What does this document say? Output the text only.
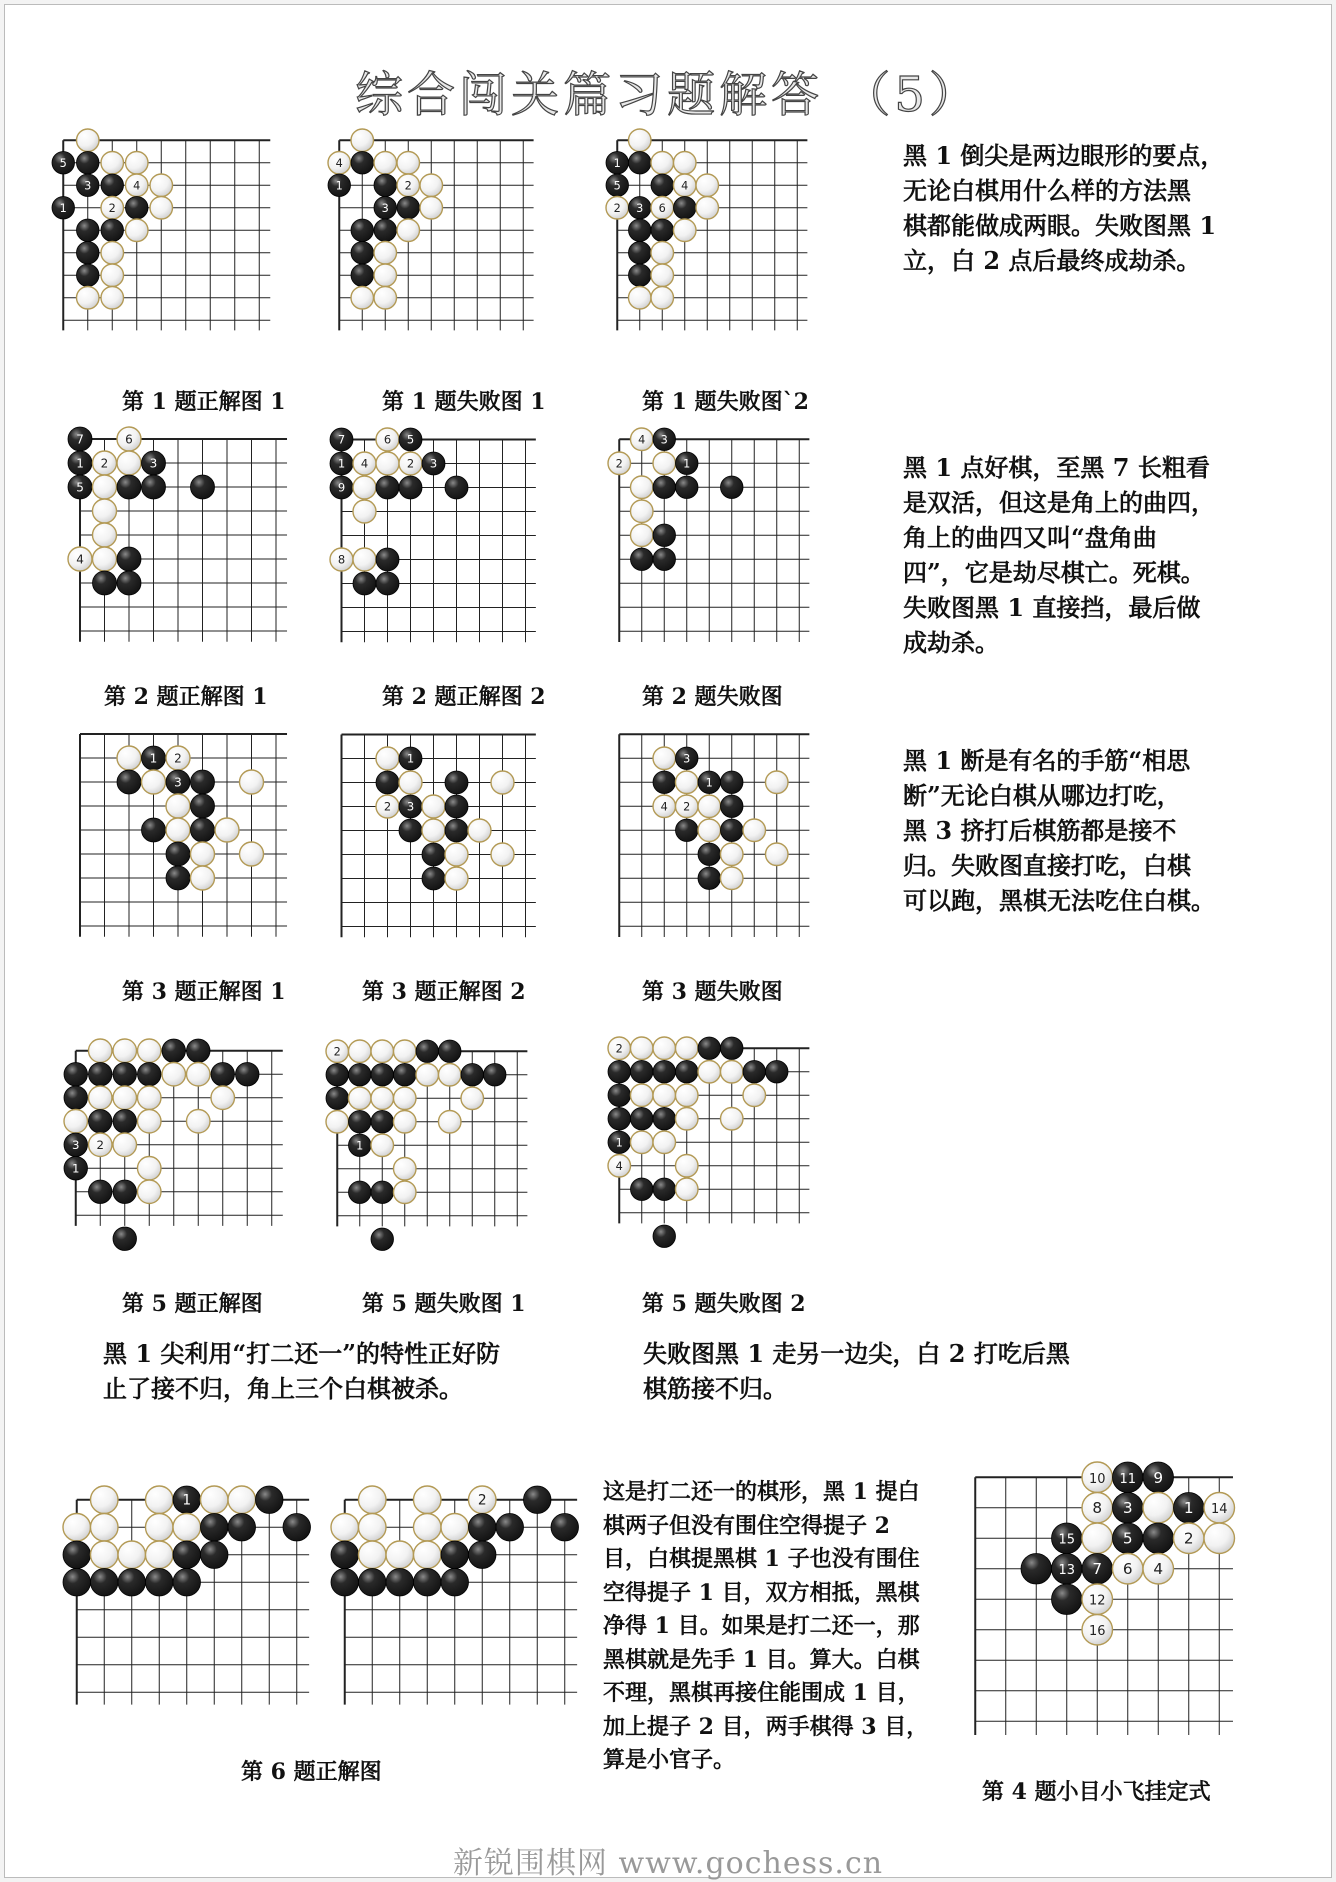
综合闯关篇习题解答 （5）
5
3	4
1	2
4
1	2
3
1
5	4
2 3 6
第 1 题正解图 1	第 1 题失败图 1	第 1 题失败图`2
黑 1 倒尖是两边眼形的要点，
无论白棋用什么样的方法黑
棋都能做成两眼。失败图黑 1
立，白 2 点后最终成劫杀。
7	6
1 2	3
5
4
7	6 5
1 4	2 3
9
8
4 3
2	1
第 2 题正解图 1	第 2 题正解图 2	第 2 题失败图
黑 1 点好棋，至黑 7 长粗看
是双活，但这是角上的曲四，
角上的曲四又叫“盘角曲
四”，它是劫尽棋亡。死棋。
失败图黑 1 直接挡，最后做
成劫杀。
1 2
3
1
2 3
3
1
4 2
第 3 题正解图 1	第 3 题正解图 2	第 3 题失败图
黑 1 断是有名的手筋“相思
断”无论白棋从哪边打吃，
黑 3 挤打后棋筋都是接不
归。失败图直接打吃，白棋
可以跑，黑棋无法吃住白棋。
3 2
1
2
1
2
1
4
第 5 题正解图	第 5 题失败图 1	第 5 题失败图 2
黑 1 尖利用“打二还一”的特性正好防
止了接不归，角上三个白棋被杀。
失败图黑 1 走另一边尖，白 2 打吃后黑
棋筋接不归。
1	2
第 6 题正解图
这是打二还一的棋形，黑 1 提白
棋两子但没有围住空得提子 2
目，白棋提黑棋 1 子也没有围住
空得提子 1 目，双方相抵，黑棋
净得 1 目。如果是打二还一，那
黑棋就是先手 1 目。算大。白棋
不理，黑棋再接住能围成 1 目，
加上提子 2 目，两手棋得 3 目，
算是小官子。
10 11 9
8 3	1 14
15	5	2
13 7 6 4
12
16
第 4 题小目小飞挂定式
新锐围棋网 www.gochess.cn
